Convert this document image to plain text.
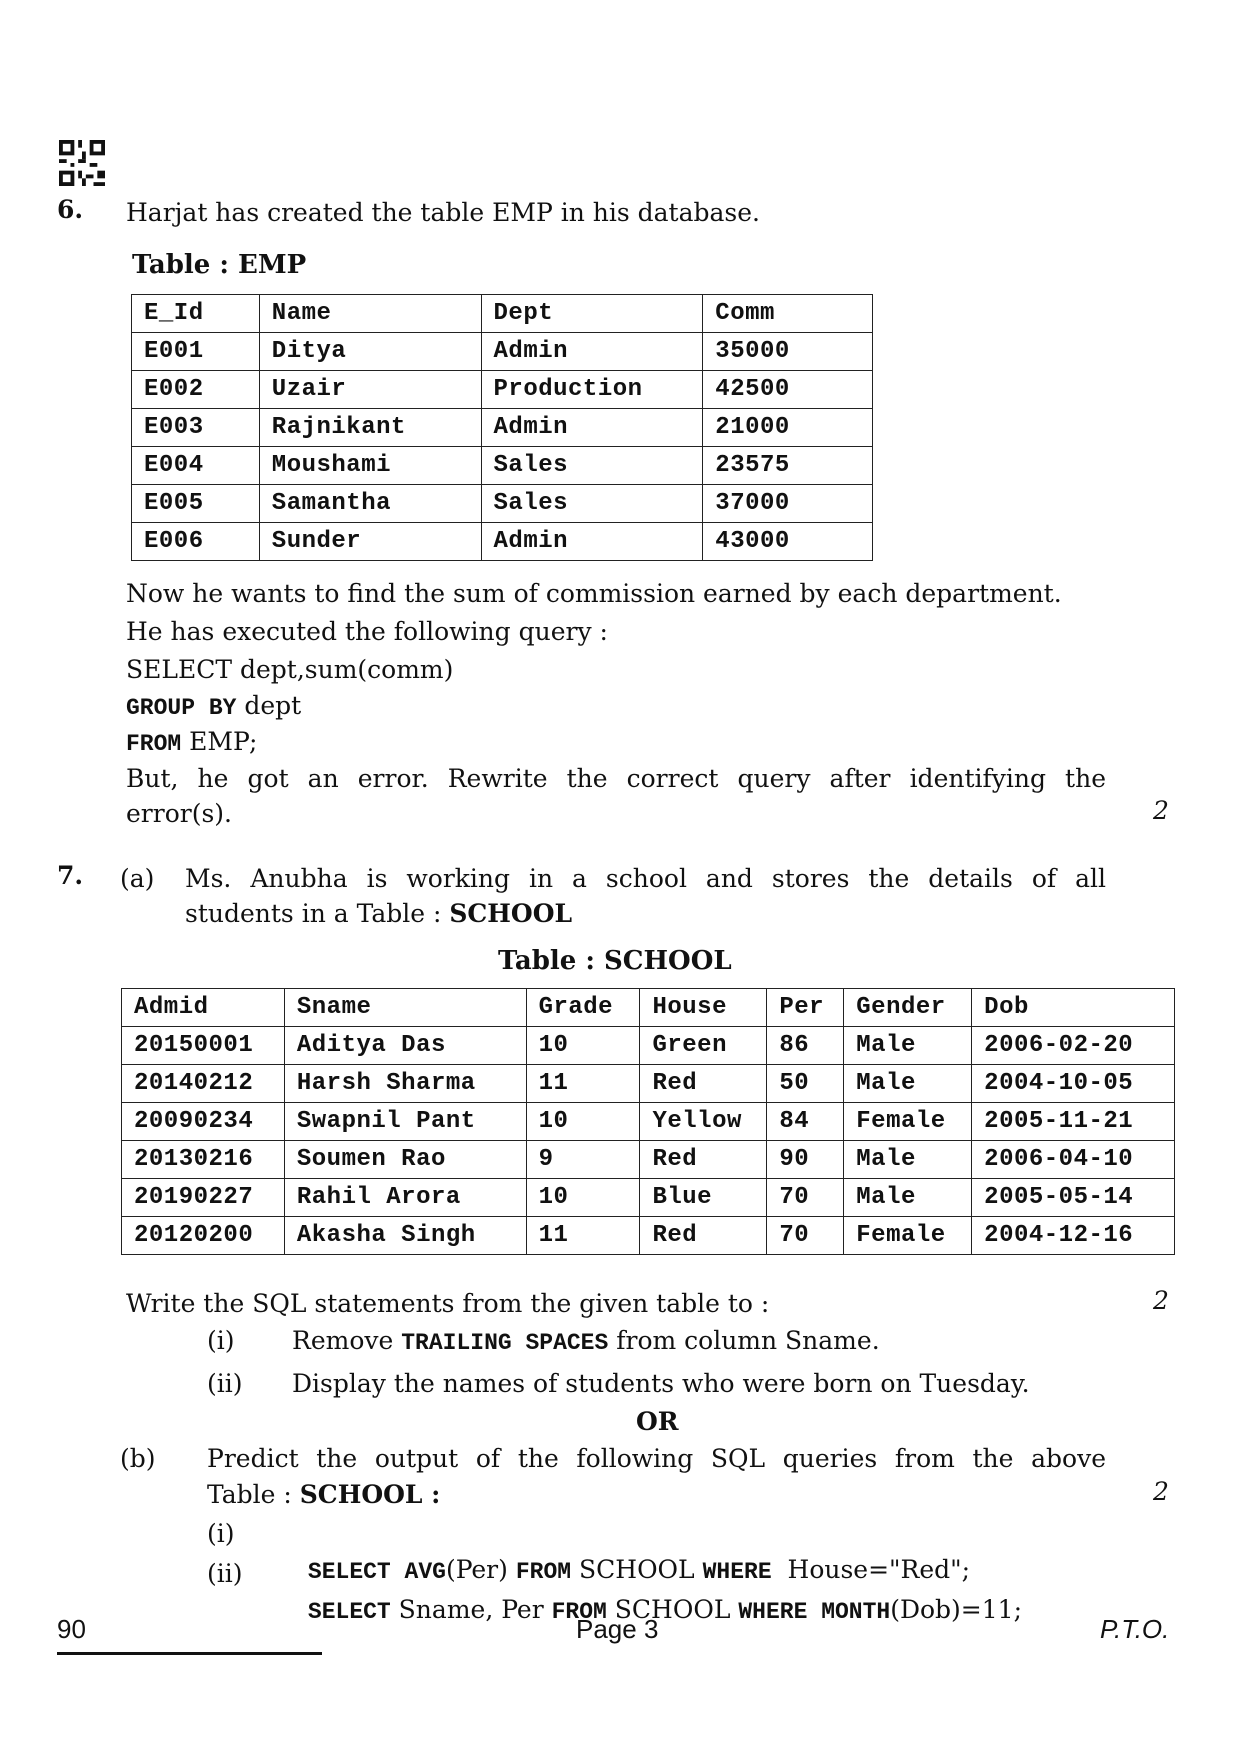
6. Harjat has created the table EMP in his database.
Table : EMP
E_Id	Name	Dept	Comm
E001	Ditya	Admin	35000
E002	Uzair	Production	42500
E003	Rajnikant	Admin	21000
E004	Moushami	Sales	23575
E005	Samantha	Sales	37000
E006	Sunder	Admin	43000
Now he wants to find the sum of commission earned by each department.
He has executed the following query :
SELECT dept,sum(comm)
GROUP BY dept
FROM EMP;
But, he got an error. Rewrite the correct query after identifying the
error(s).	2
7. (a) Ms. Anubha is working in a school and stores the details of all
students in a Table : SCHOOL
Table : SCHOOL
Admid	Sname	Grade	House	Per	Gender	Dob
20150001	Aditya Das	10	Green	86	Male	2006-02-20
20140212	Harsh Sharma	11	Red	50	Male	2004-10-05
20090234	Swapnil Pant	10	Yellow	84	Female	2005-11-21
20130216	Soumen Rao	9	Red	90	Male	2006-04-10
20190227	Rahil Arora	10	Blue	70	Male	2005-05-14
20120200	Akasha Singh	11	Red	70	Female	2004-12-16
Write the SQL statements from the given table to :	2
(i) Remove TRAILING SPACES from column Sname.
(ii) Display the names of students who were born on Tuesday.
OR
(b) Predict the output of the following SQL queries from the above
Table : SCHOOL :	2
(i)

SELECT AVG(Per) FROM SCHOOL WHERE  House="Red";

(ii)

SELECT Sname, Per FROM SCHOOL WHERE MONTH(Dob)=11;

90	Page 3	P.T.O.
